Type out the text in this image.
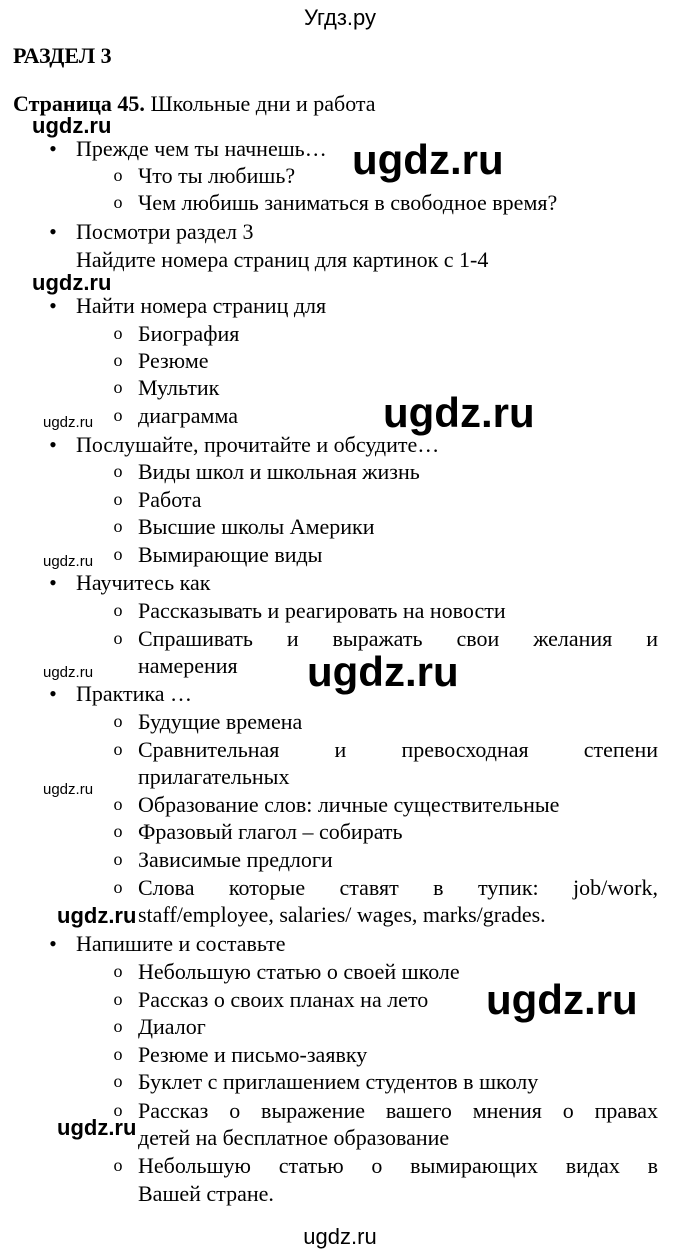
Угдз.ру
РАЗДЕЛ 3
Страница 45. Школьные дни и работа
• Прежде чем ты начнешь…
o Что ты любишь?
o Чем любишь заниматься в свободное время?
• Посмотри раздел 3
Найдите номера страниц для картинок с 1-4
• Найти номера страниц для
o Биография
o Резюме
o Мультик
o диаграмма
• Послушайте, прочитайте и обсудите…
o Виды школ и школьная жизнь
o Работа
o Высшие школы Америки
o Вымирающие виды
• Научитесь как
o Рассказывать и реагировать на новости
o Спрашивать и выражать свои желания и
намерения
• Практика …
o Будущие времена
o Сравнительная и превосходная степени
прилагательных
o Образование слов: личные существительные
o Фразовый глагол – собирать
o Зависимые предлоги
o Слова которые ставят в тупик: job/work,
staff/employee, salaries/ wages, marks/grades.
• Напишите и составьте
o Небольшую статью о своей школе
o Рассказ о своих планах на лето
o Диалог
o Резюме и письмо-заявку
o Буклет с приглашением студентов в школу
o Рассказ о выражение вашего мнения о правах
детей на бесплатное образование
o Небольшую статью о вымирающих видах в
Вашей стране.
ugdz.ru
ugdz.ru
ugdz.ru
ugdz.ru	ugdz.ru
ugdz.ru
ugdz.ru	ugdz.ru
ugdz.ru
ugdz.ru
ugdz.ru
ugdz.ru
ugdz.ru
